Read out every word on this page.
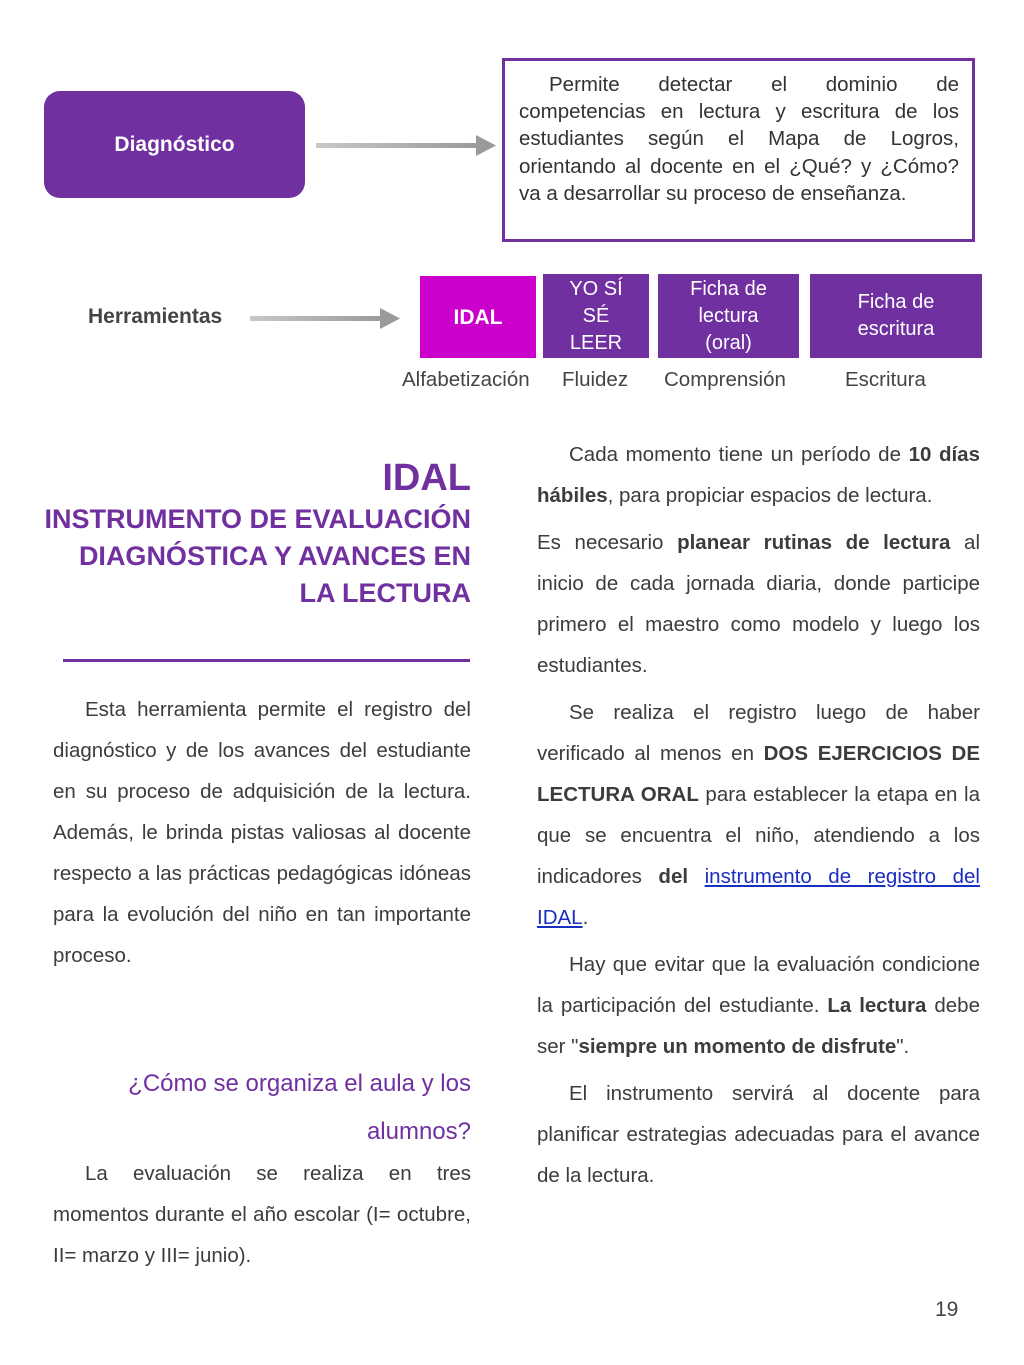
Diagnóstico
Permite detectar el dominio de competencias en lectura y escritura de los estudiantes según el Mapa de Logros, orientando al docente en el ¿Qué? y ¿Cómo? va a desarrollar su proceso de enseñanza.
Herramientas	IDAL
YO SÍ SÉ LEER
Ficha de lectura (oral)
Ficha de escritura
Alfabetización Fluidez Comprensión	Escritura
IDAL
INSTRUMENTO DE EVALUACIÓN DIAGNÓSTICA Y AVANCES EN LA LECTURA
Esta herramienta permite el registro del diagnóstico y de los avances del estudiante en su proceso de adquisición de la lectura. Además, le brinda pistas valiosas al docente respecto a las prácticas pedagógicas idóneas para la evolución del niño en tan importante proceso.
¿Cómo se organiza el aula y los alumnos?
La evaluación se realiza en tres momentos durante el año escolar (I= octubre, II= marzo y III= junio).

Cada momento tiene un período de 10 días hábiles, para propiciar espacios de lectura.

Es necesario planear rutinas de lectura al inicio de cada jornada diaria, donde participe primero el maestro como modelo y luego los estudiantes.

Se realiza el registro luego de haber verificado al menos en DOS EJERCICIOS DE LECTURA ORAL para establecer la etapa en la que se encuentra el niño, atendiendo a los indicadores del instrumento de registro del IDAL.

Hay que evitar que la evaluación condicione la participación del estudiante. La lectura debe ser "siempre un momento de disfrute".

El instrumento servirá al docente para planificar estrategias adecuadas para el avance de la lectura.

19
